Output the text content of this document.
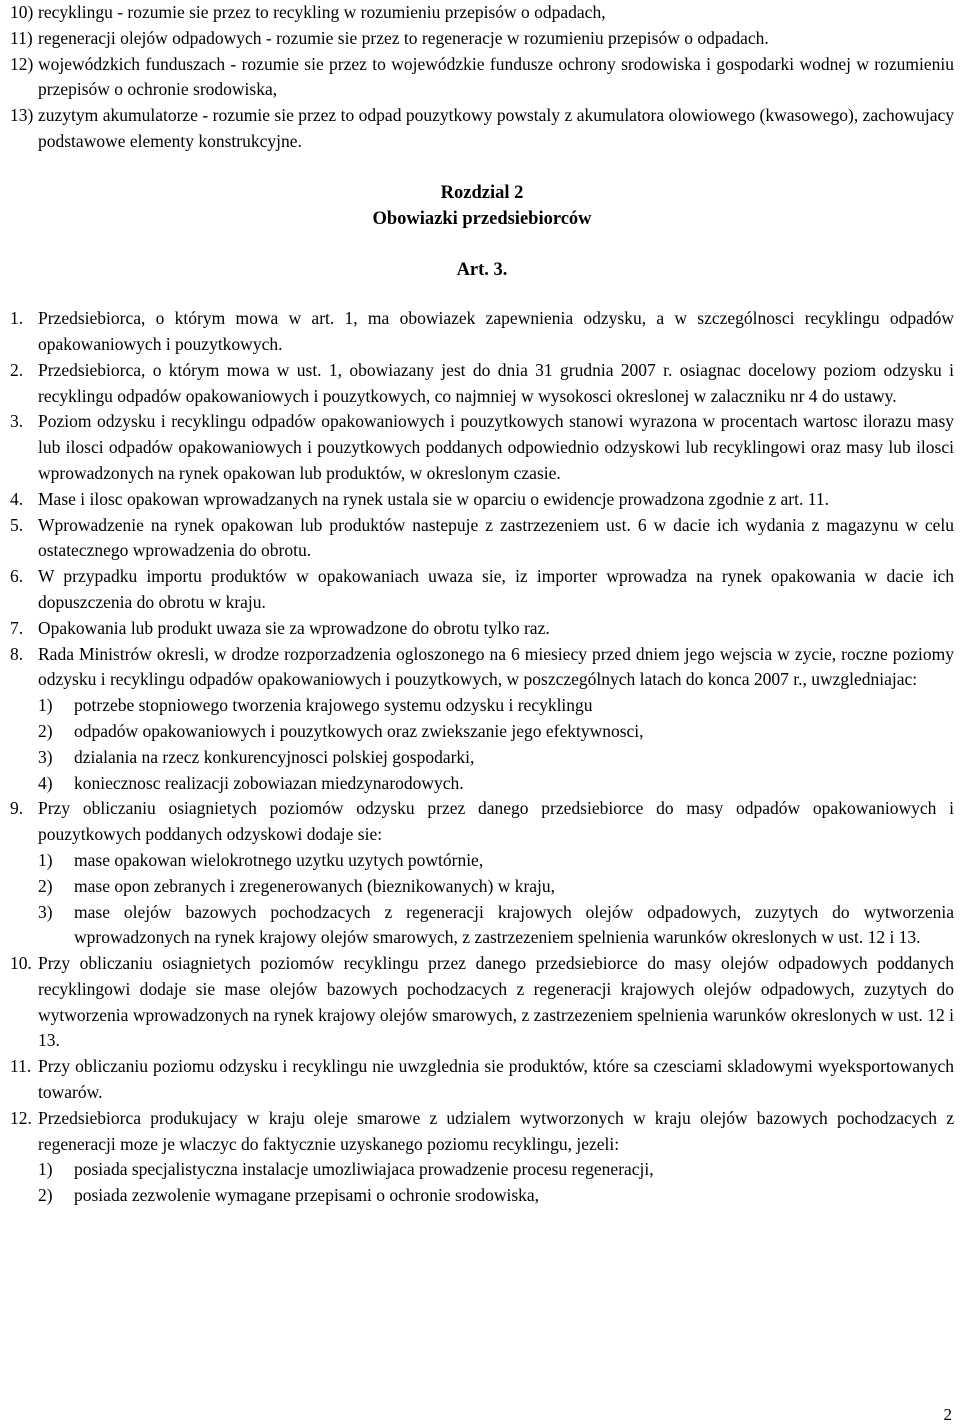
10) recyklingu - rozumie sie przez to recykling w rozumieniu przepisów o odpadach,
11) regeneracji olejów odpadowych - rozumie sie przez to regeneracje w rozumieniu przepisów o odpadach.
12) wojewódzkich funduszach - rozumie sie przez to wojewódzkie fundusze ochrony srodowiska i gospodarki wodnej w rozumieniu przepisów o ochronie srodowiska,
13) zuzytym akumulatorze - rozumie sie przez to odpad pouzytkowy powstaly z akumulatora olowiowego (kwasowego), zachowujacy podstawowe elementy konstrukcyjne.
Rozdzial 2
Obowiazki przedsiebiorców
Art. 3.
1. Przedsiebiorca, o którym mowa w art. 1, ma obowiazek zapewnienia odzysku, a w szczególnosci recyklingu odpadów opakowaniowych i pouzytkowych.
2. Przedsiebiorca, o którym mowa w ust. 1, obowiazany jest do dnia 31 grudnia 2007 r. osiagnac docelowy poziom odzysku i recyklingu odpadów opakowaniowych i pouzytkowych, co najmniej w wysokosci okreslonej w zalaczniku nr 4 do ustawy.
3. Poziom odzysku i recyklingu odpadów opakowaniowych i pouzytkowych stanowi wyrazona w procentach wartosc ilorazu masy lub ilosci odpadów opakowaniowych i pouzytkowych poddanych odpowiednio odzyskowi lub recyklingowi oraz masy lub ilosci wprowadzonych na rynek opakowan lub produktów, w okreslonym czasie.
4. Mase i ilosc opakowan wprowadzanych na rynek ustala sie w oparciu o ewidencje prowadzona zgodnie z art. 11.
5. Wprowadzenie na rynek opakowan lub produktów nastepuje z zastrzezeniem ust. 6 w dacie ich wydania z magazynu w celu ostatecznego wprowadzenia do obrotu.
6. W przypadku importu produktów w opakowaniach uwaza sie, iz importer wprowadza na rynek opakowania w dacie ich dopuszczenia do obrotu w kraju.
7. Opakowania lub produkt uwaza sie za wprowadzone do obrotu tylko raz.
8. Rada Ministrów okresli, w drodze rozporzadzenia ogloszonego na 6 miesiecy przed dniem jego wejscia w zycie, roczne poziomy odzysku i recyklingu odpadów opakowaniowych i pouzytkowych, w poszczególnych latach do konca 2007 r., uwzgledniajac:
1) potrzebe stopniowego tworzenia krajowego systemu odzysku i recyklingu
2) odpadów opakowaniowych i pouzytkowych oraz zwiekszanie jego efektywnosci,
3) dzialania na rzecz konkurencyjnosci polskiej gospodarki,
4) koniecznosc realizacji zobowiazan miedzynarodowych.
9. Przy obliczaniu osiagnietych poziomów odzysku przez danego przedsiebiorce do masy odpadów opakowaniowych i pouzytkowych poddanych odzyskowi dodaje sie:
1) mase opakowan wielokrotnego uzytku uzytych powtórnie,
2) mase opon zebranych i zregenerowanych (bieznikowanych) w kraju,
3) mase olejów bazowych pochodzacych z regeneracji krajowych olejów odpadowych, zuzytych do wytworzenia wprowadzonych na rynek krajowy olejów smarowych, z zastrzezeniem spelnienia warunków okreslonych w ust. 12 i 13.
10. Przy obliczaniu osiagnietych poziomów recyklingu przez danego przedsiebiorce do masy olejów odpadowych poddanych recyklingowi dodaje sie mase olejów bazowych pochodzacych z regeneracji krajowych olejów odpadowych, zuzytych do wytworzenia wprowadzonych na rynek krajowy olejów smarowych, z zastrzezeniem spelnienia warunków okreslonych w ust. 12 i 13.
11. Przy obliczaniu poziomu odzysku i recyklingu nie uwzglednia sie produktów, które sa czesciami skladowymi wyeksportowanych towarów.
12. Przedsiebiorca produkujacy w kraju oleje smarowe z udzialem wytworzonych w kraju olejów bazowych pochodzacych z regeneracji moze je wlaczyc do faktycznie uzyskanego poziomu recyklingu, jezeli:
1) posiada specjalistyczna instalacje umozliwiajaca prowadzenie procesu regeneracji,
2) posiada zezwolenie wymagane przepisami o ochronie srodowiska,
2
